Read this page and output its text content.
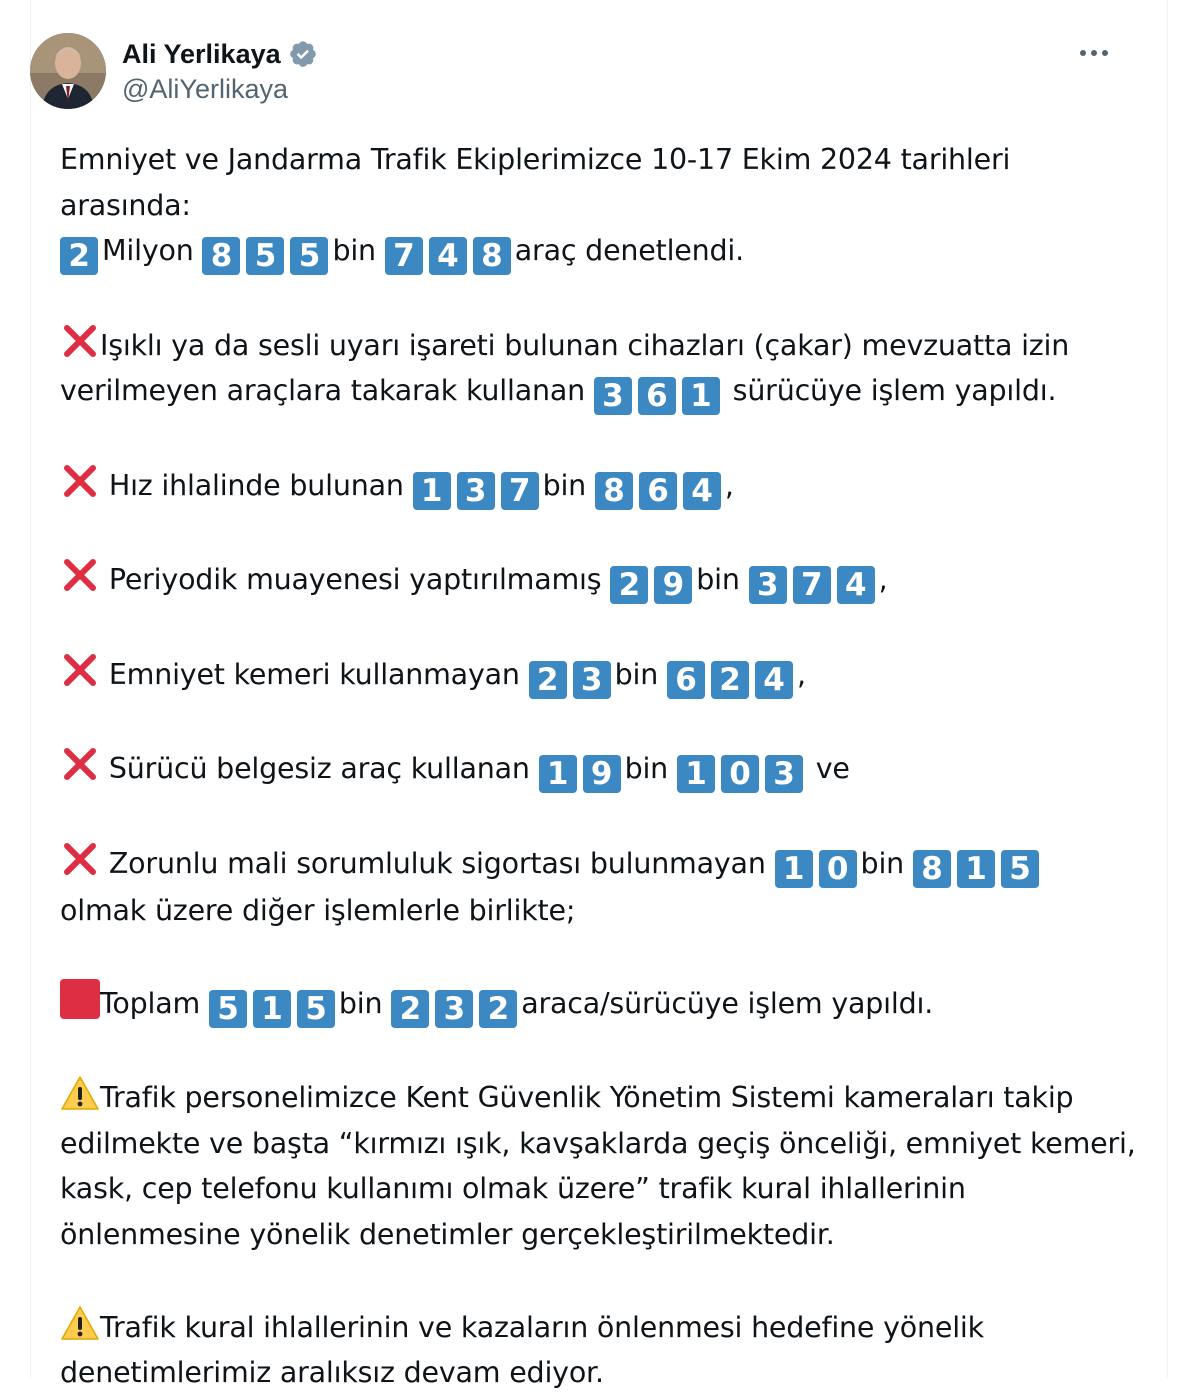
Ali Yerlikaya
@AliYerlikaya

Emniyet ve Jandarma Trafik Ekiplerimizce 10-17 Ekim 2024 tarihleri arasında:
2 Milyon 8 5 5 bin 7 4 8 araç denetlendi.

Işıklı ya da sesli uyarı işareti bulunan cihazları (çakar) mevzuatta izin verilmeyen araçlara takarak kullanan 3 6 1 sürücüye işlem yapıldı.

Hız ihlalinde bulunan 1 3 7 bin 8 6 4 ,

Periyodik muayenesi yaptırılmamış 2 9 bin 3 7 4 ,

Emniyet kemeri kullanmayan 2 3 bin 6 2 4 ,

Sürücü belgesiz araç kullanan 1 9 bin 1 0 3 ve

Zorunlu mali sorumluluk sigortası bulunmayan 1 0 bin 8 1 5
olmak üzere diğer işlemlerle birlikte;

Toplam 5 1 5 bin 2 3 2 araca/sürücüye işlem yapıldı.

Trafik personelimizce Kent Güvenlik Yönetim Sistemi kameraları takip edilmekte ve başta “kırmızı ışık, kavşaklarda geçiş önceliği, emniyet kemeri, kask, cep telefonu kullanımı olmak üzere” trafik kural ihlallerinin önlenmesine yönelik denetimler gerçekleştirilmektedir.

Trafik kural ihlallerinin ve kazaların önlenmesi hedefine yönelik denetimlerimiz aralıksız devam ediyor.
